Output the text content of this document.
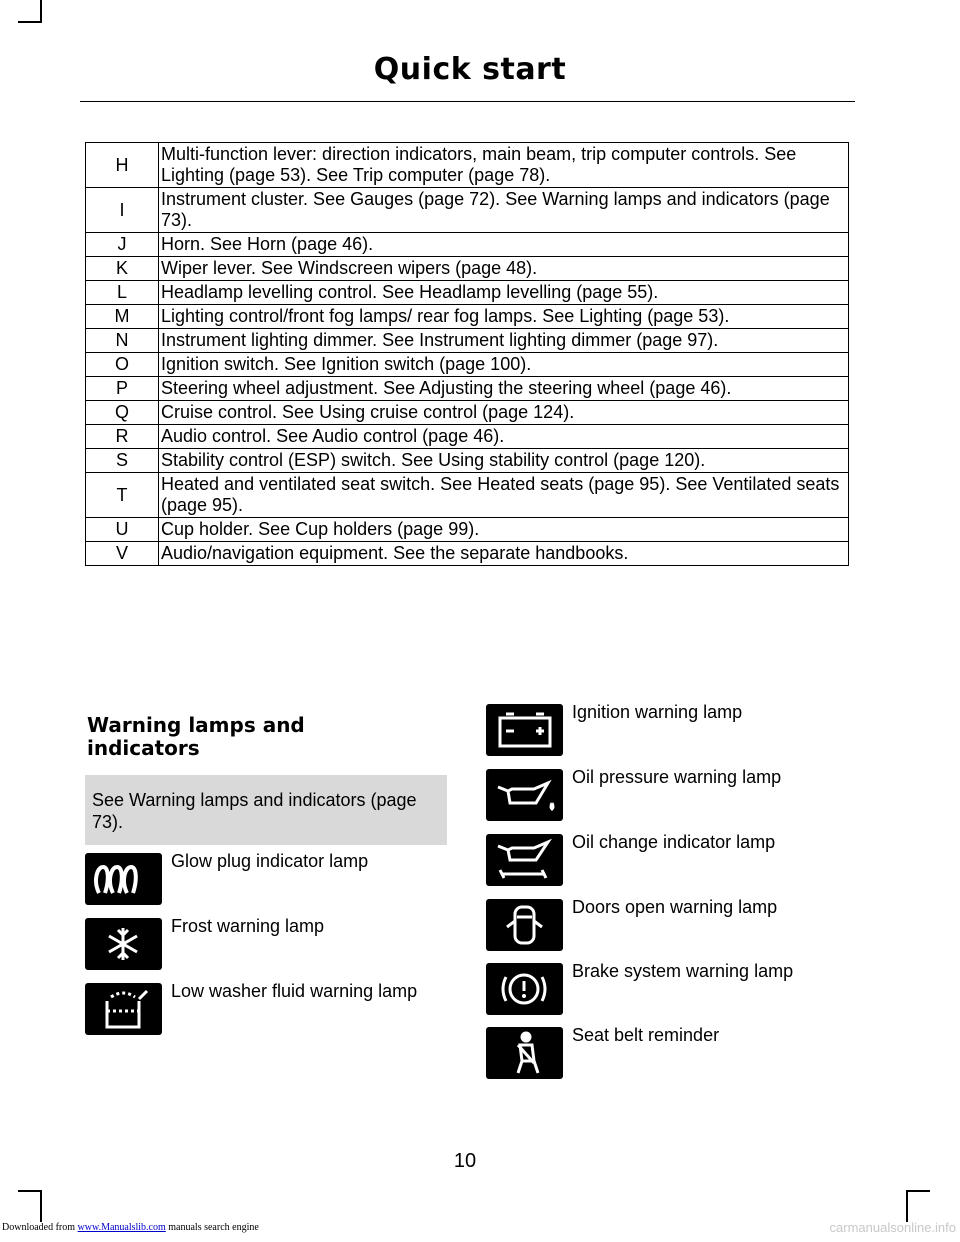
Quick start
H	Multi-function lever: direction indicators, main beam, trip computer controls. See Lighting (page 53). See Trip computer (page 78).
I	Instrument cluster. See Gauges (page 72). See Warning lamps and indicators (page 73).
J	Horn. See Horn (page 46).
K	Wiper lever. See Windscreen wipers (page 48).
L	Headlamp levelling control. See Headlamp levelling (page 55).
M	Lighting control/front fog lamps/ rear fog lamps. See Lighting (page 53).
N	Instrument lighting dimmer. See Instrument lighting dimmer (page 97).
O	Ignition switch. See Ignition switch (page 100).
P	Steering wheel adjustment. See Adjusting the steering wheel (page 46).
Q	Cruise control. See Using cruise control (page 124).
R	Audio control. See Audio control (page 46).
S	Stability control (ESP) switch. See Using stability control (page 120).
T	Heated and ventilated seat switch. See Heated seats (page 95). See Ventilated seats (page 95).
U	Cup holder. See Cup holders (page 99).
V	Audio/navigation equipment. See the separate handbooks.
Warning lamps and indicators
See Warning lamps and indicators (page 73).
Glow plug indicator lamp
Frost warning lamp
Low washer fluid warning lamp
Ignition warning lamp
Oil pressure warning lamp
Oil change indicator lamp
Doors open warning lamp
Brake system warning lamp
Seat belt reminder
10
Downloaded from www.Manualslib.com manuals search engine	carmanualsonline.info
